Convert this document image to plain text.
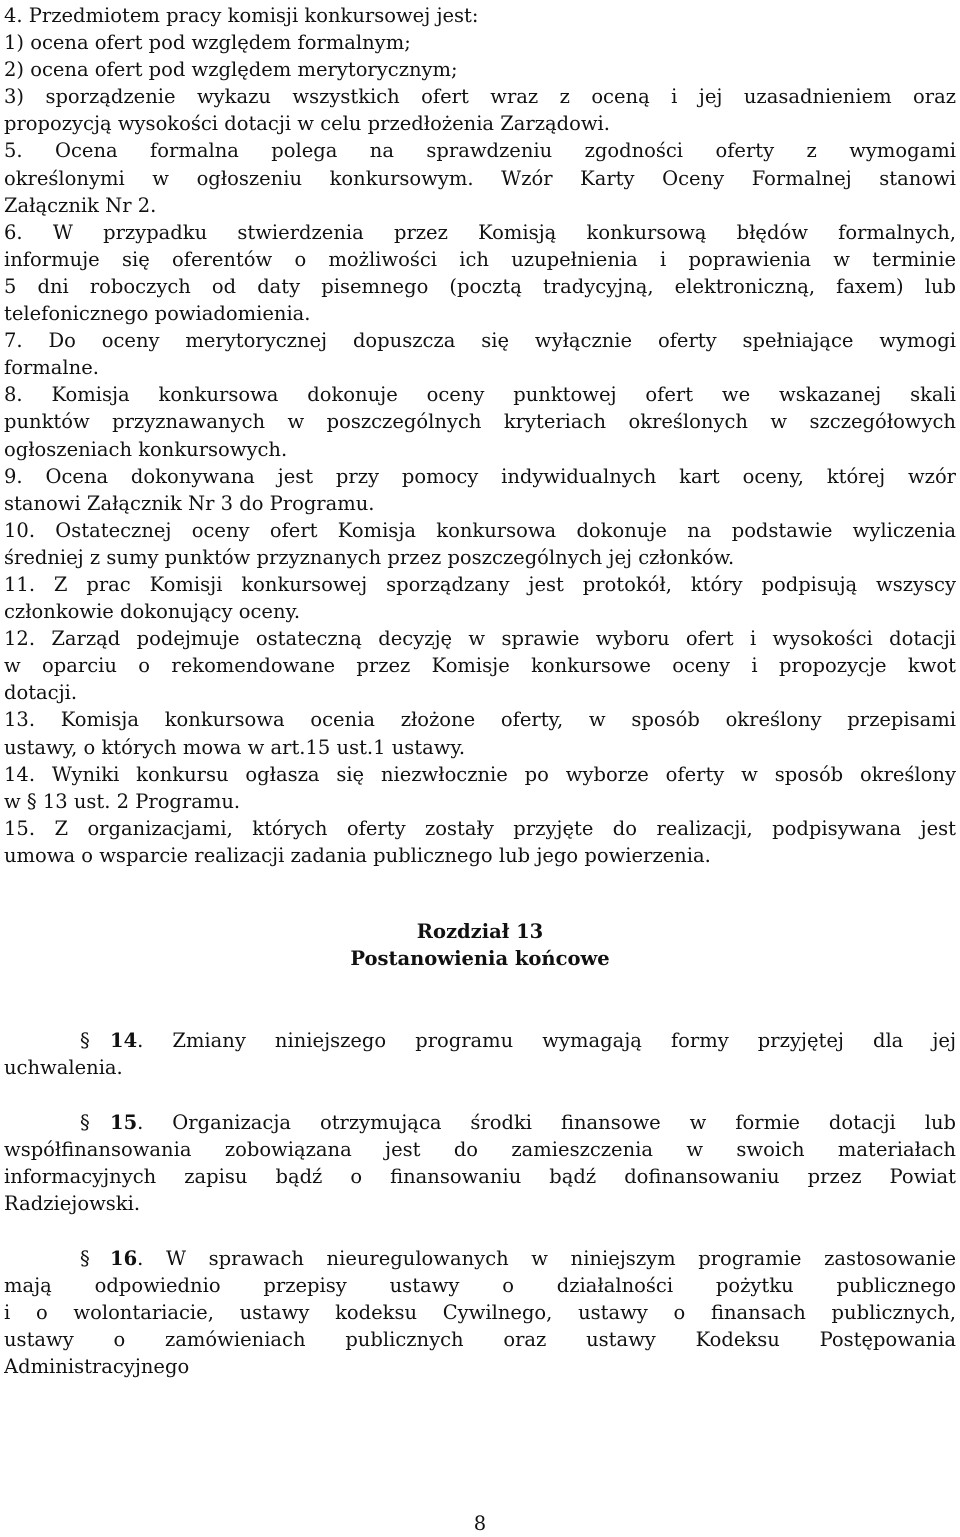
4. Przedmiotem pracy komisji konkursowej jest:
1) ocena ofert pod względem formalnym;
2) ocena ofert pod względem merytorycznym;
3) sporządzenie wykazu wszystkich ofert wraz z oceną i jej uzasadnieniem oraz
propozycją wysokości dotacji w celu przedłożenia Zarządowi.
5. Ocena formalna polega na sprawdzeniu zgodności oferty z wymogami
określonymi w ogłoszeniu konkursowym. Wzór Karty Oceny Formalnej stanowi
Załącznik Nr 2.
6. W przypadku stwierdzenia przez Komisją konkursową błędów formalnych,
informuje się oferentów o możliwości ich uzupełnienia i poprawienia w terminie
5 dni roboczych od daty pisemnego (pocztą tradycyjną, elektroniczną, faxem) lub
telefonicznego powiadomienia.
7. Do oceny merytorycznej dopuszcza się wyłącznie oferty spełniające wymogi
formalne.
8. Komisja konkursowa dokonuje oceny punktowej ofert we wskazanej skali
punktów przyznawanych w poszczególnych kryteriach określonych w szczegółowych
ogłoszeniach konkursowych.
9. Ocena dokonywana jest przy pomocy indywidualnych kart oceny, której wzór
stanowi Załącznik Nr 3 do Programu.
10. Ostatecznej oceny ofert Komisja konkursowa dokonuje na podstawie wyliczenia
średniej z sumy punktów przyznanych przez poszczególnych jej członków.
11. Z prac Komisji konkursowej sporządzany jest protokół, który podpisują wszyscy
członkowie dokonujący oceny.
12. Zarząd podejmuje ostateczną decyzję w sprawie wyboru ofert i wysokości dotacji
w oparciu o rekomendowane przez Komisje konkursowe oceny i propozycje kwot
dotacji.
13. Komisja konkursowa ocenia złożone oferty, w sposób określony przepisami
ustawy, o których mowa w art.15 ust.1 ustawy.
14. Wyniki konkursu ogłasza się niezwłocznie po wyborze oferty w sposób określony
w § 13 ust. 2 Programu.
15. Z organizacjami, których oferty zostały przyjęte do realizacji, podpisywana jest
umowa o wsparcie realizacji zadania publicznego lub jego powierzenia.
Rozdział 13
Postanowienia końcowe
§ 14. Zmiany niniejszego programu wymagają formy przyjętej dla jej
uchwalenia.
§ 15. Organizacja otrzymująca środki finansowe w formie dotacji lub
współfinansowania zobowiązana jest do zamieszczenia w swoich materiałach
informacyjnych zapisu bądź o finansowaniu bądź dofinansowaniu przez Powiat
Radziejowski.
§ 16. W sprawach nieuregulowanych w niniejszym programie zastosowanie
mają odpowiednio przepisy ustawy o działalności pożytku publicznego
i o wolontariacie, ustawy kodeksu Cywilnego, ustawy o finansach publicznych,
ustawy o zamówieniach publicznych oraz ustawy Kodeksu Postępowania
Administracyjnego
8
